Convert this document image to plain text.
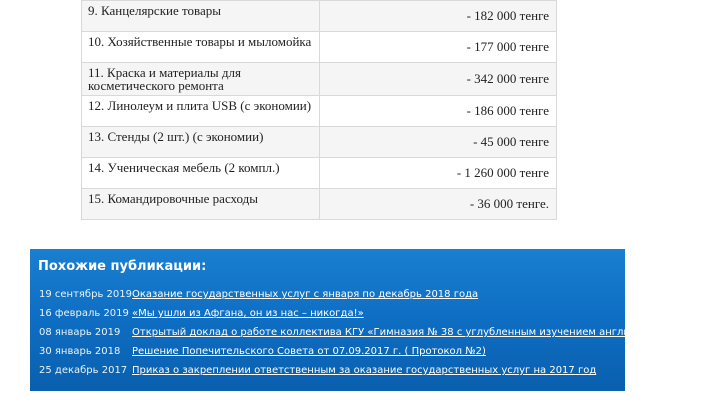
9. Канцелярские товары	- 182 000 тенге
10. Хозяйственные товары и мыломойка	- 177 000 тенге
11. Краска и материалы для косметического ремонта	- 342 000 тенге
12. Линолеум и плита USB (с экономии)	- 186 000 тенге
13. Стенды (2 шт.) (с экономии)	- 45 000 тенге
14. Ученическая мебель (2 компл.)	- 1 260 000 тенге
15. Командировочные расходы	- 36 000 тенге.
Похожие публикации:
19 сентябрь 2019 Оказание государственных услуг с января по декабрь 2018 года
16 февраль 2019 «Мы ушли из Афгана, он из нас – никогда!»
08 январь 2019 Открытый доклад о работе коллектива КГУ «Гимназия № 38 с углубленным изучением английского языка» в...
30 январь 2018 Решение Попечительского Совета от 07.09.2017 г. ( Протокол №2)
25 декабрь 2017 Приказ о закреплении ответственным за оказание государственных услуг на 2017 год
